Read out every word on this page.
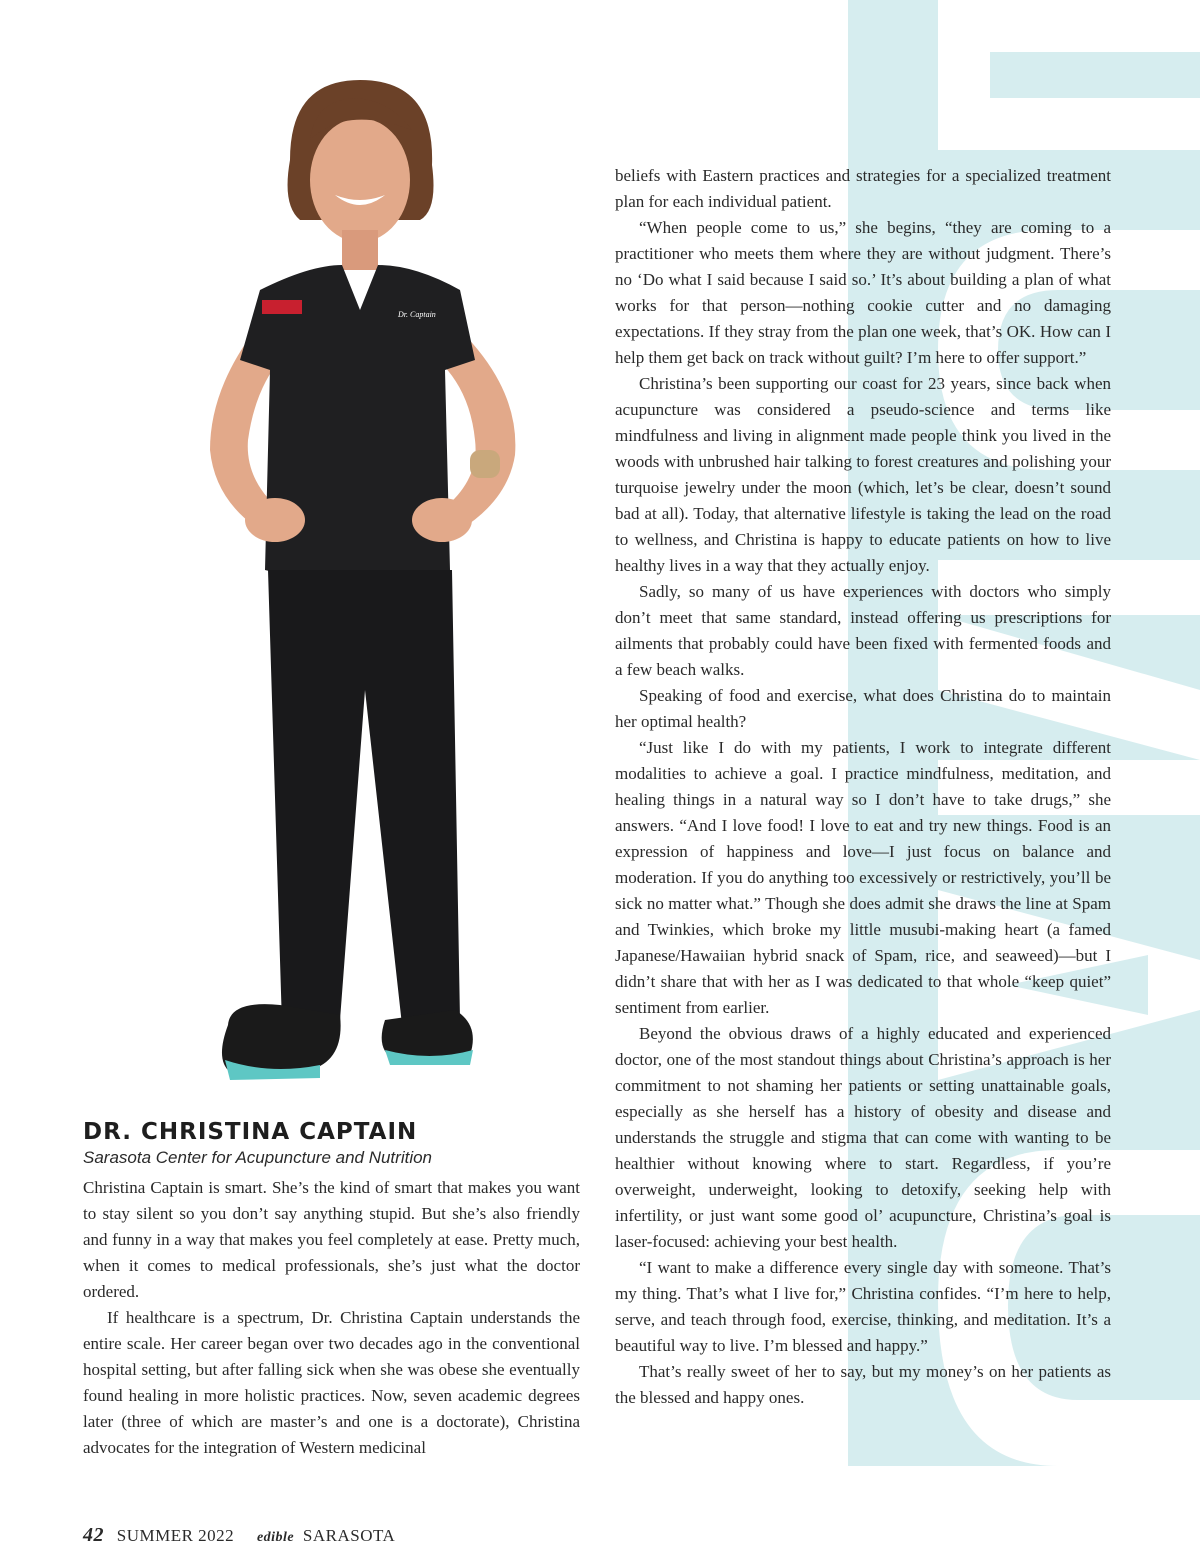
Dr. Captain

beliefs with Eastern practices and strategies for a specialized treatment plan for each individual patient.

“When people come to us,” she begins, “they are coming to a practitioner who meets them where they are without judgment. There’s no ‘Do what I said because I said so.’ It’s about building a plan of what works for that person—nothing cookie cutter and no damaging expectations. If they stray from the plan one week, that’s OK. How can I help them get back on track without guilt? I’m here to offer support.”

Christina’s been supporting our coast for 23 years, since back when acupuncture was considered a pseudo-science and terms like mindfulness and living in alignment made people think you lived in the woods with unbrushed hair talking to forest creatures and polishing your turquoise jewelry under the moon (which, let’s be clear, doesn’t sound bad at all). Today, that alternative lifestyle is taking the lead on the road to wellness, and Christina is happy to educate patients on how to live healthy lives in a way that they actually enjoy.

Sadly, so many of us have experiences with doctors who simply don’t meet that same standard, instead offering us prescriptions for ailments that probably could have been fixed with fermented foods and a few beach walks.

Speaking of food and exercise, what does Christina do to maintain her optimal health?

“Just like I do with my patients, I work to integrate different modalities to achieve a goal. I practice mindfulness, meditation, and healing things in a natural way so I don’t have to take drugs,” she answers. “And I love food! I love to eat and try new things. Food is an expression of happiness and love—I just focus on balance and moderation. If you do anything too excessively or restrictively, you’ll be sick no matter what.” Though she does admit she draws the line at Spam and Twinkies, which broke my little musubi-making heart (a famed Japanese/Hawaiian hybrid snack of Spam, rice, and seaweed)—but I didn’t share that with her as I was dedicated to that whole “keep quiet” sentiment from earlier.

Beyond the obvious draws of a highly educated and experienced doctor, one of the most standout things about Christina’s approach is her commitment to not shaming her patients or setting unattainable goals, especially as she herself has a history of obesity and disease and understands the struggle and stigma that can come with wanting to be healthier without knowing where to start. Regardless, if you’re overweight, underweight, looking to detoxify, seeking help with infertility, or just want some good ol’ acupuncture, Christina’s goal is laser-focused: achieving your best health.

“I want to make a difference every single day with someone. That’s my thing. That’s what I live for,” Christina confides. “I’m here to help, serve, and teach through food, exercise, thinking, and meditation. It’s a beautiful way to live. I’m blessed and happy.”

That’s really sweet of her to say, but my money’s on her patients as the blessed and happy ones.

DR. CHRISTINA CAPTAIN
Sarasota Center for Acupuncture and Nutrition

Christina Captain is smart. She’s the kind of smart that makes you want to stay silent so you don’t say anything stupid. But she’s also friendly and funny in a way that makes you feel completely at ease. Pretty much, when it comes to medical professionals, she’s just what the doctor ordered.

If healthcare is a spectrum, Dr. Christina Captain understands the entire scale. Her career began over two decades ago in the conventional hospital setting, but after falling sick when she was obese she eventually found healing in more holistic practices. Now, seven academic degrees later (three of which are master’s and one is a doctorate), Christina advocates for the integration of Western medicinal

42 SUMMER 2022 edible SARASOTA
